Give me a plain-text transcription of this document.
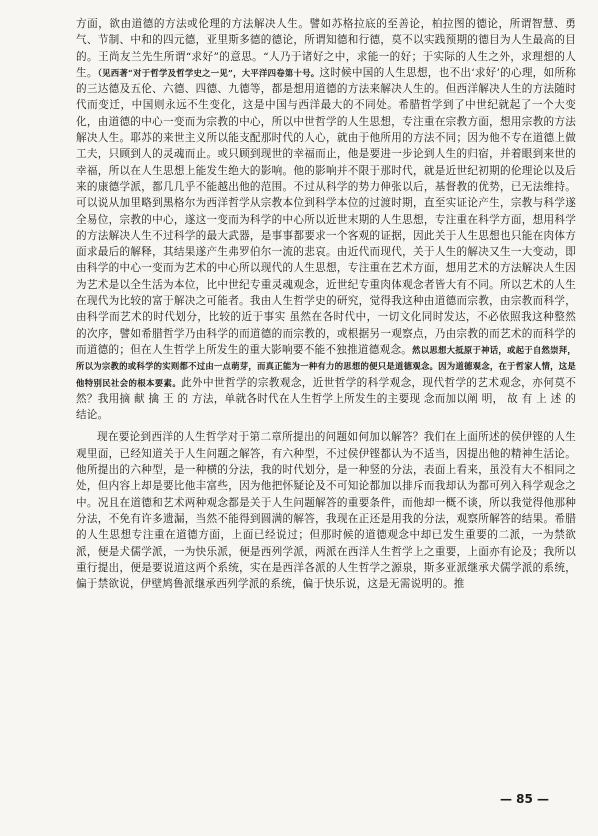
方面，欲由道德的方法或伦理的方法解决人生。譬如苏格拉底的至善论，柏拉图的德论，所谓智慧、勇气、节制、中和的四元德，亚里斯多德的德论，所谓知德和行德，莫不以实践预期的德目为人生最高的目的。王尚友兰先生所谓“求好”的意思。“人乃于诸好之中，求能一的好；于实际的人生之外，求理想的人生。（见西著“对于哲学及哲学史之一见”，大平洋四卷第十号。这时候中国的人生思想，也不出‘求好’的心理，如所称的三达德及五伦、六德、四德、九德等，都是想用道德的方法来解决人生的。但西洋解决人生的方法随时代而变迁，中国则永远不生变化，这是中国与西洋最大的不同处。希腊哲学到了中世纪就起了一个大变化，由道德的中心一变而为宗教的中心，所以中世哲学的人生思想，专注重在宗教方面，想用宗教的方法解决人生。耶苏的来世主义所以能支配那时代的人心，就由于他所用的方法不同；因为他不专在道德上做工夫，只顾到人的灵魂而止。或只顾到现世的幸福而止，他是要进一步论到人生的归宿，并着眼到来世的幸福，所以在人生思想上能发生绝大的影响。他的影响并不限于那时代，就是近世纪初期的伦理论以及后来的康德学派，都几几乎不能越出他的范围。不过从科学的势力伸张以后，基督教的优势，已无法维持。可以说从加里略到黑格尔为西洋哲学从宗教本位到科学本位的过渡时期，直至实证论产生，宗教与科学遂全易位，宗教的中心，遂这一变而为科学的中心所以近世末期的人生思想，专注重在科学方面，想用科学的方法解决人生不过科学的最大武器，是事事都要求一个客观的证据，因此关于人生思想也只能在肉体方面求最后的解释，其结果遂产生弗罗伯尔一流的悲哀。由近代而现代，关于人生的解决又生一大变动，即由科学的中心一变而为艺术的中心所以现代的人生思想，专注重在艺术方面，想用艺术的方法解决人生因为艺术是以全生活为本位，比中世纪专重灵魂观念，近世纪专重肉体观念者皆大有不同。所以艺术的人生在现代为比较的富于解决之可能者。我由人生哲学史的研究，觉得我这种由道德而宗教，由宗教而科学，由科学而艺术的时代划分，比较的近于事实 虽然在各时代中，一切文化同时发达，不必依照我这种整然的次序，譬如希腊哲学乃由科学的而道德的而宗教的，或根据另一观察点，乃由宗教的而艺术的而科学的而道德的；但在人生哲学上所发生的重大影响要不能不独推道德观念。然以思想大抵原于神话，或起于自然崇拜，所以为宗教的或科学的实则都不过由一点萌芽，而真正能为一种有力的思想的便只是道德观念。因为道德观念，在于哲家人情，这是他特别民社会的根本要素。此外中世哲学的宗教观念，近世哲学的科学观念，现代哲学的艺术观念，亦何莫不然？我用摘 献 擒 王 的 方法，单就各时代在人生哲学上所发生的主要现 念而加以阐 明， 故 有 上 述 的结论。

现在要论到西洋的人生哲学对于第二章所提出的问题如何加以解答？我们在上面所述的侯伊铿的人生观里面，已经知道关于人生问题之解答，有六种型，不过侯伊铿都认为不适当，因提出他的精神生活论。他所提出的六种型，是一种横的分法，我的时代划分，是一种竖的分法，表面上看来，虽没有大不相同之处，但内容上却是要比他丰富些，因为他把怀疑论及不可知论都加以排斥而我却认为都可列入科学观念之中。况且在道德和艺术两种观念都是关于人生问题解答的重要条件，而他却一概不谈，所以我觉得他那种分法，不免有许多遗漏，当然不能得到圆满的解答，我现在正还是用我的分法，观察所解答的结果。希腊的人生思想专注重在道德方面，上面已经说过；但那时候的道德观念中却已发生重要的二派，一为禁欲派，便是犬儒学派，一为快乐派，便是西列学派，两派在西洋人生哲学上之重要，上面亦有论及；我所以重行提出，便是要说道这两个系统，实在是西洋各派的人生哲学之源泉，斯多亚派继承犬儒学派的系统，偏于禁欲说，伊壁鸠鲁派继承西列学派的系统，偏于快乐说，这是无需说明的。推

— 85 —
